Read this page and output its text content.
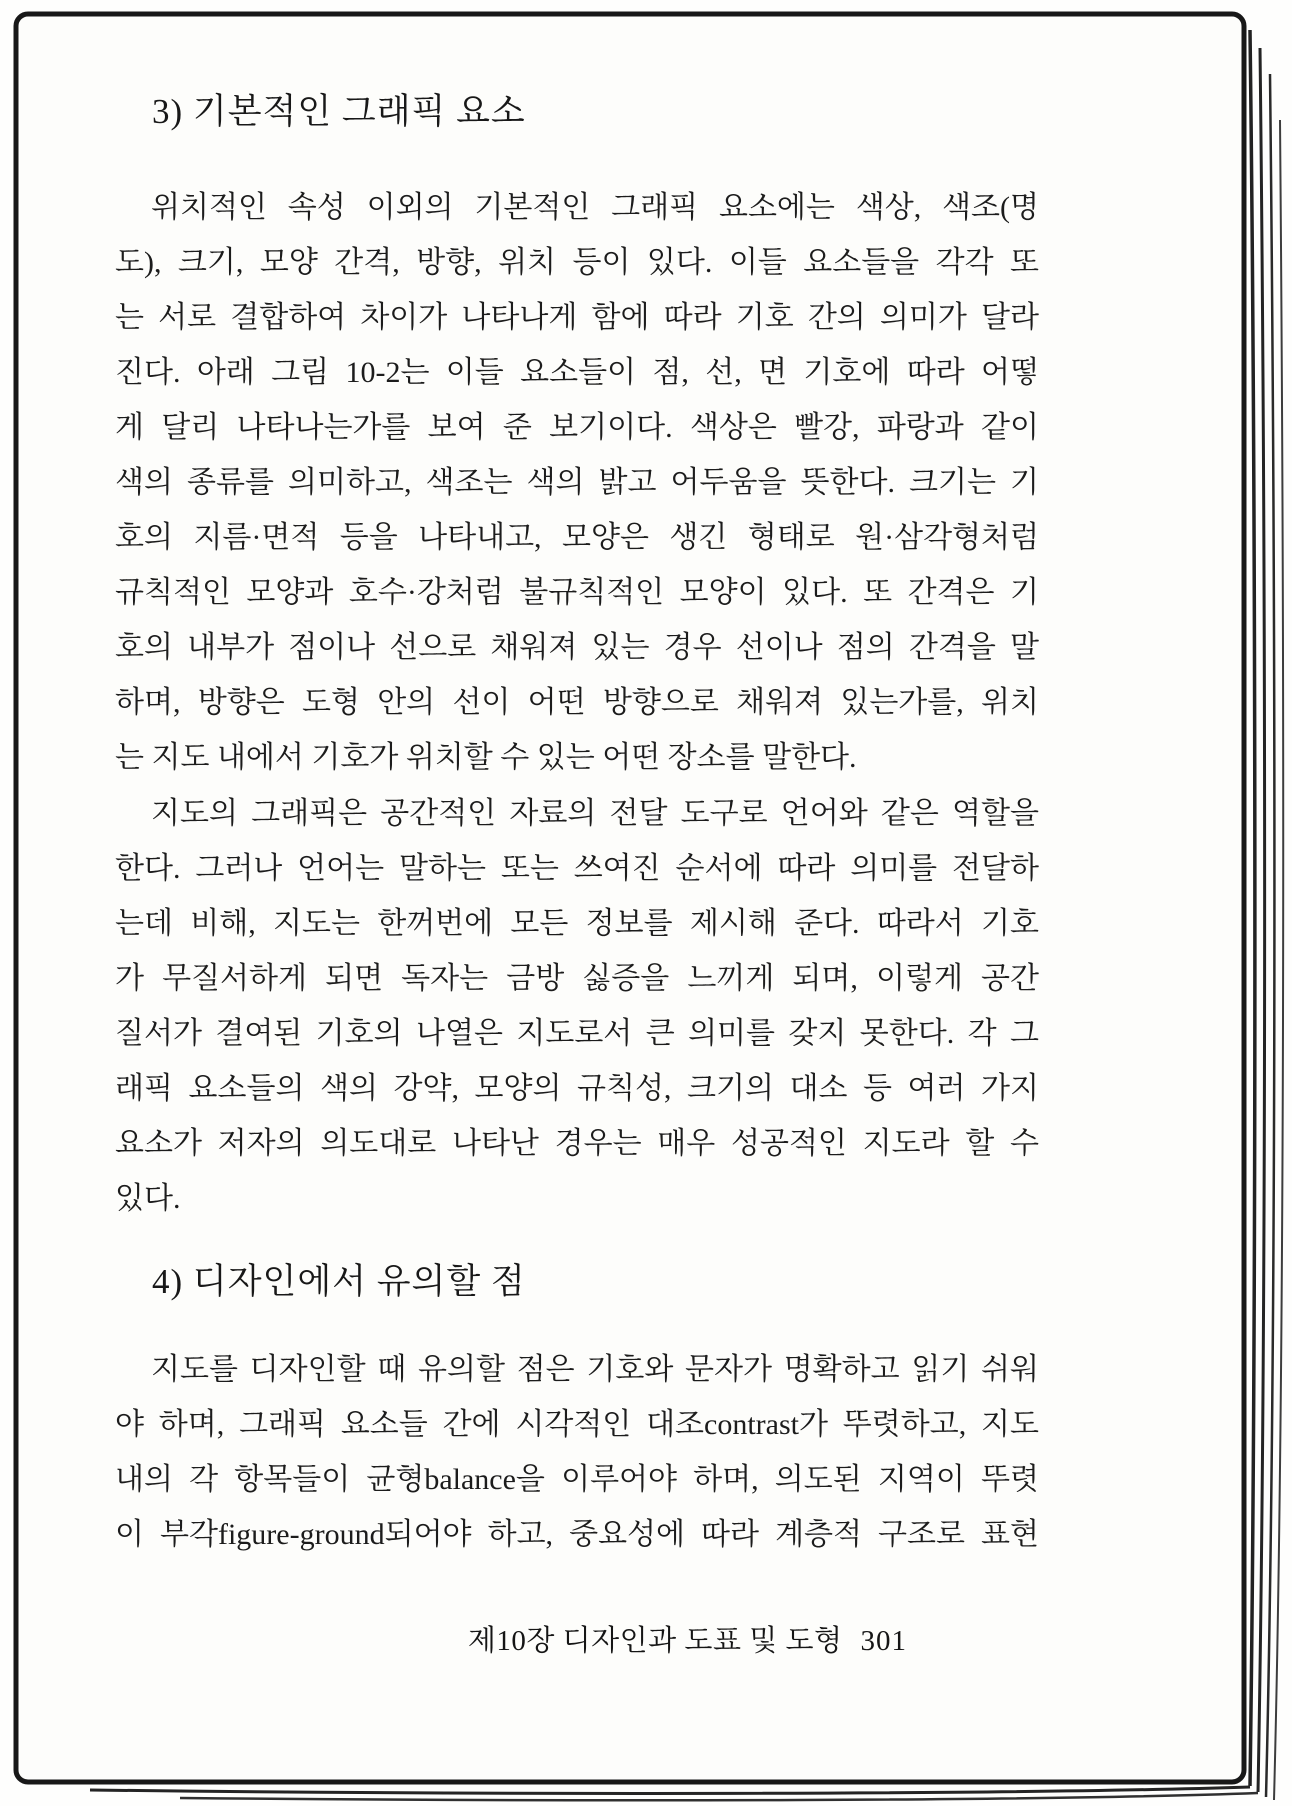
3) 기본적인 그래픽 요소
위치적인 속성 이외의 기본적인 그래픽 요소에는 색상, 색조(명
도), 크기, 모양 간격, 방향, 위치 등이 있다. 이들 요소들을 각각 또
는 서로 결합하여 차이가 나타나게 함에 따라 기호 간의 의미가 달라
진다. 아래 그림 10-2는 이들 요소들이 점, 선, 면 기호에 따라 어떻
게 달리 나타나는가를 보여 준 보기이다. 색상은 빨강, 파랑과 같이
색의 종류를 의미하고, 색조는 색의 밝고 어두움을 뜻한다. 크기는 기
호의 지름·면적 등을 나타내고, 모양은 생긴 형태로 원·삼각형처럼
규칙적인 모양과 호수·강처럼 불규칙적인 모양이 있다. 또 간격은 기
호의 내부가 점이나 선으로 채워져 있는 경우 선이나 점의 간격을 말
하며, 방향은 도형 안의 선이 어떤 방향으로 채워져 있는가를, 위치
는 지도 내에서 기호가 위치할 수 있는 어떤 장소를 말한다.
지도의 그래픽은 공간적인 자료의 전달 도구로 언어와 같은 역할을
한다. 그러나 언어는 말하는 또는 쓰여진 순서에 따라 의미를 전달하
는데 비해, 지도는 한꺼번에 모든 정보를 제시해 준다. 따라서 기호
가 무질서하게 되면 독자는 금방 싫증을 느끼게 되며, 이렇게 공간
질서가 결여된 기호의 나열은 지도로서 큰 의미를 갖지 못한다. 각 그
래픽 요소들의 색의 강약, 모양의 규칙성, 크기의 대소 등 여러 가지
요소가 저자의 의도대로 나타난 경우는 매우 성공적인 지도라 할 수
있다.
4) 디자인에서 유의할 점
지도를 디자인할 때 유의할 점은 기호와 문자가 명확하고 읽기 쉬워
야 하며, 그래픽 요소들 간에 시각적인 대조contrast가 뚜렷하고, 지도
내의 각 항목들이 균형balance을 이루어야 하며, 의도된 지역이 뚜렷
이 부각figure-ground되어야 하고, 중요성에 따라 계층적 구조로 표현
제10장 디자인과 도표 및 도형 301
